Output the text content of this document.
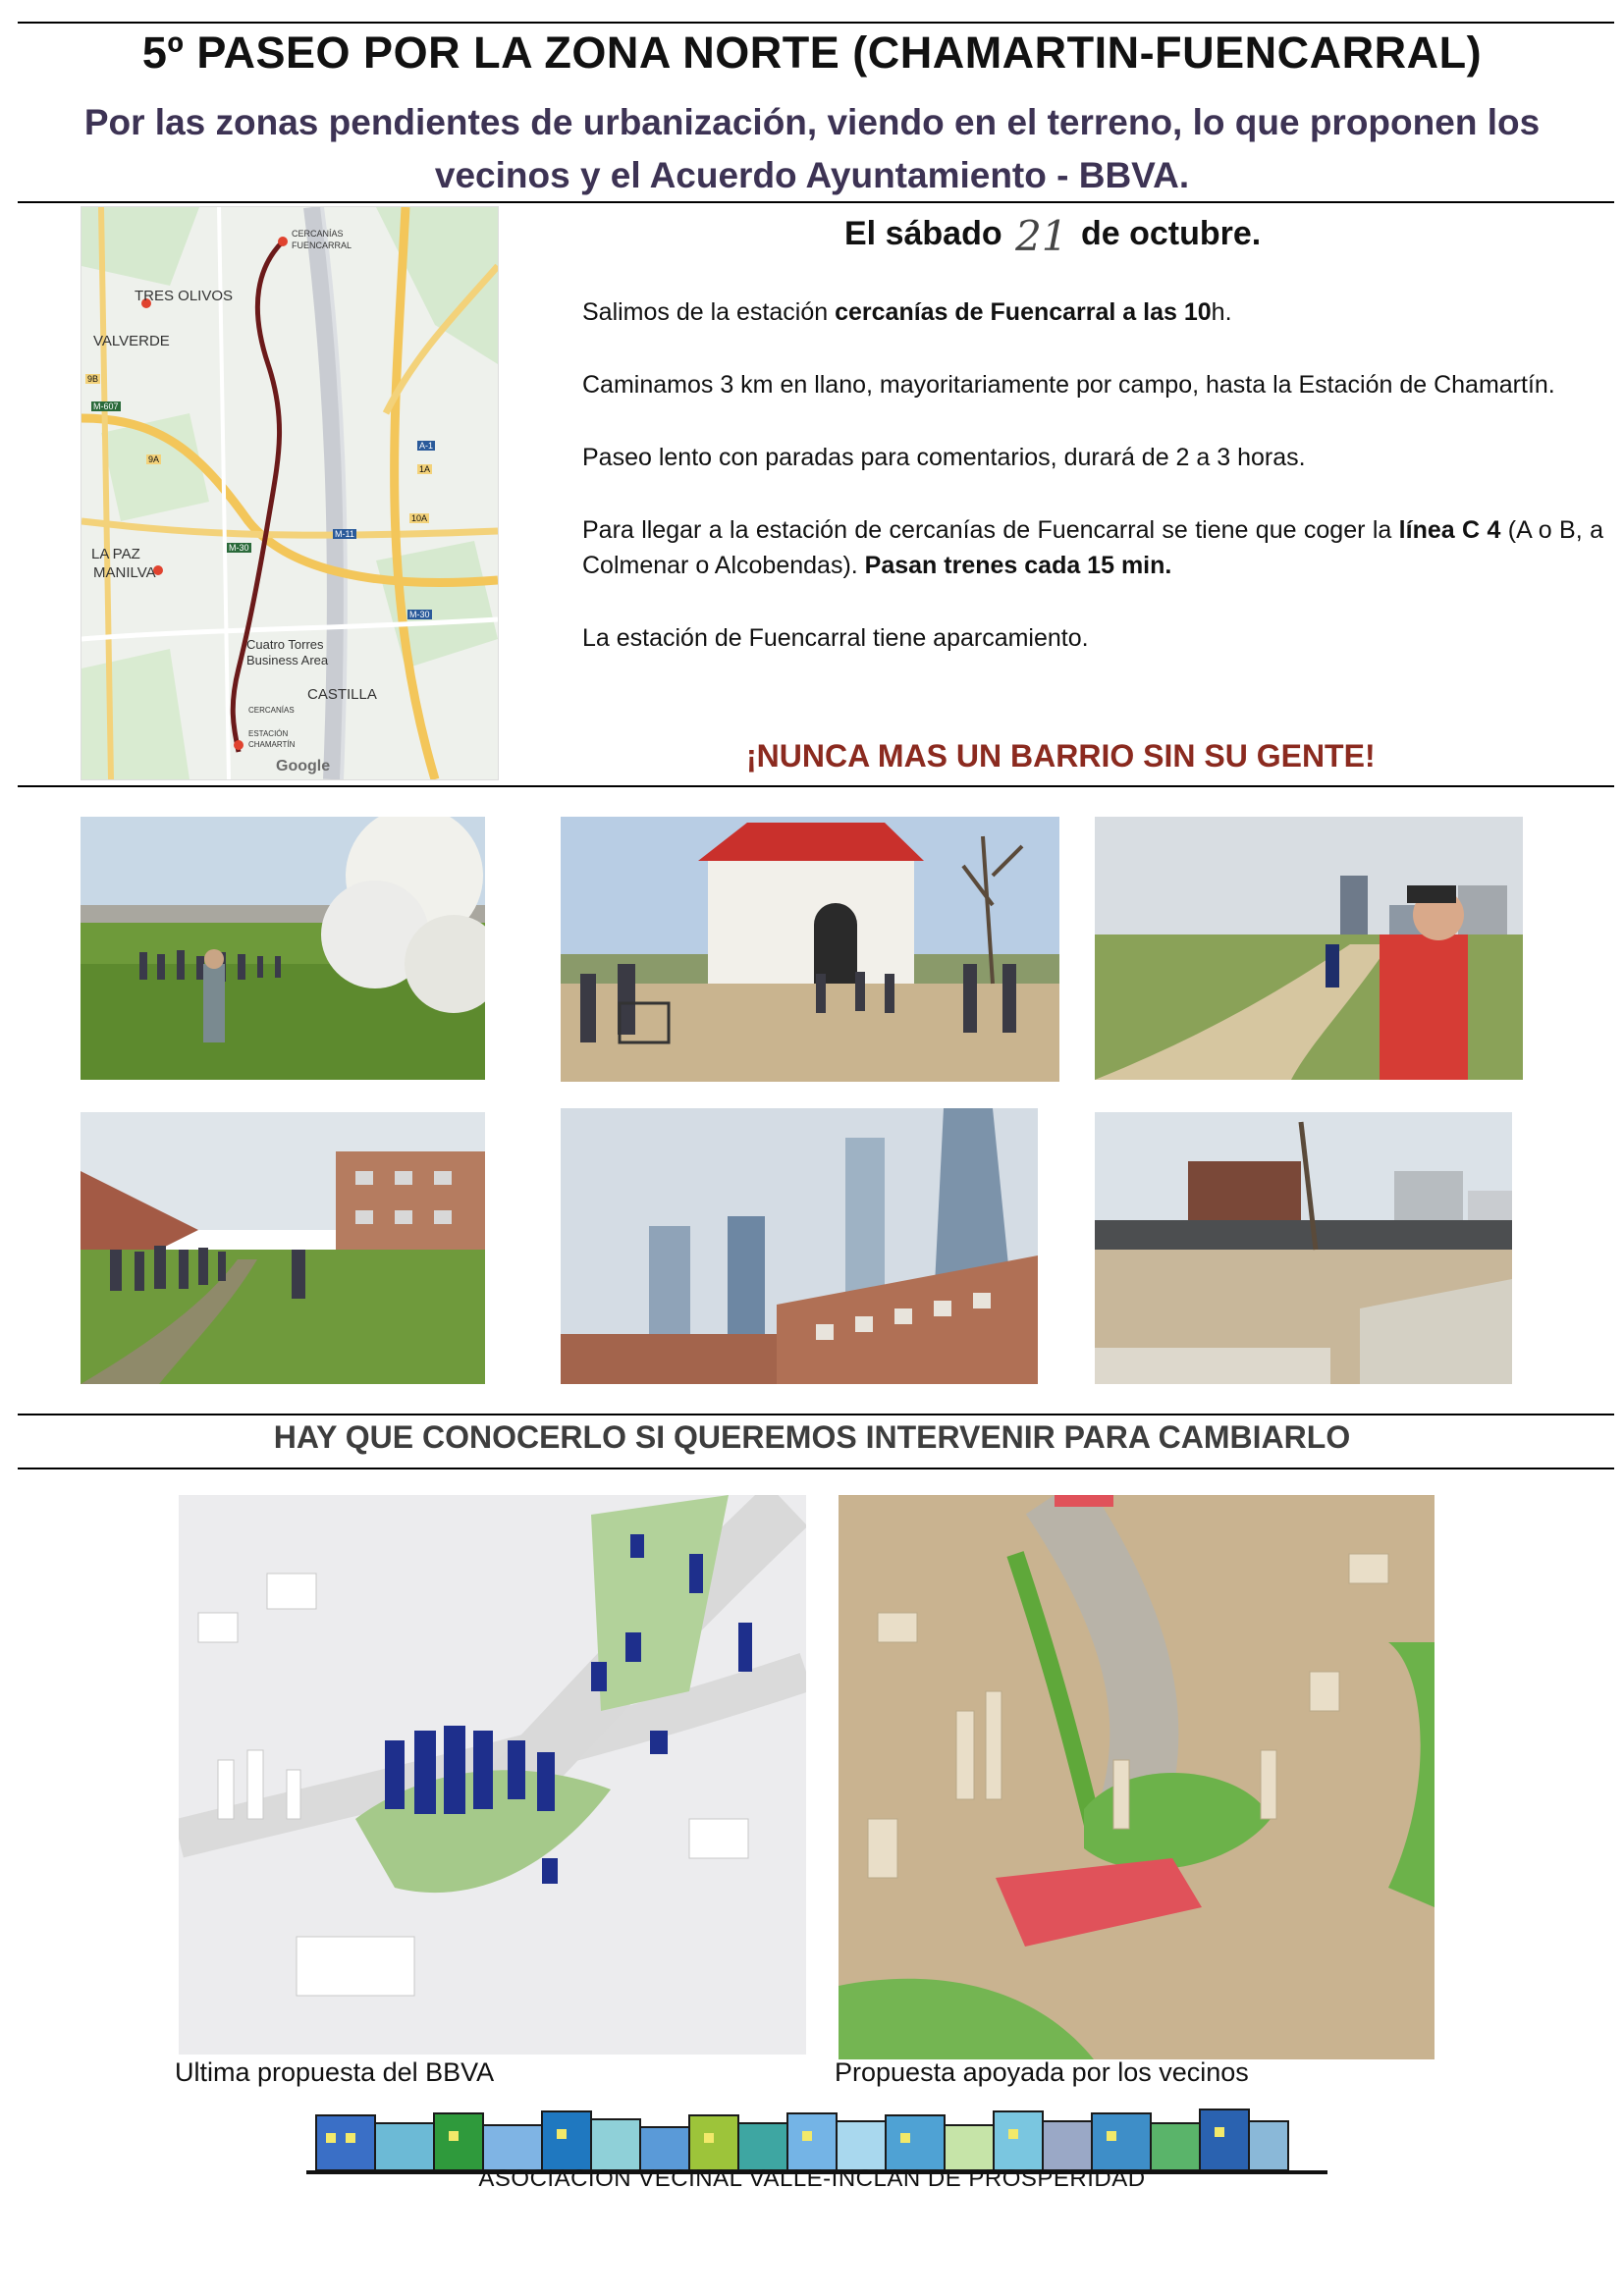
5º PASEO POR LA ZONA NORTE (CHAMARTIN-FUENCARRAL)
Por las zonas pendientes de urbanización, viendo en el terreno, lo que proponen los vecinos y el Acuerdo Ayuntamiento - BBVA.
TRES OLIVOS
VALVERDE
LA PAZ
MANILVA
Cuatro Torres
Business Area
CASTILLA
CERCANÍAS
FUENCARRAL
CERCANÍAS
ESTACIÓN
CHAMARTÍN
Google
M-607
M-30
M-11
A-1
M-30
9A
9B
10A
1A
El sábado 21 de octubre.

Salimos de la estación cercanías de Fuencarral a las 10h.

Caminamos 3 km en llano, mayoritariamente por campo, hasta la Estación de Chamartín.

Paseo lento con paradas para comentarios, durará de 2 a 3 horas.

Para llegar a la estación de cercanías de Fuencarral se tiene que coger la línea C 4 (A o B, a Colmenar o Alcobendas). Pasan trenes cada 15 min.

La estación de Fuencarral tiene aparcamiento.

¡NUNCA MAS UN BARRIO SIN SU GENTE!
HAY QUE CONOCERLO SI QUEREMOS INTERVENIR PARA CAMBIARLO
Ultima propuesta del BBVA	Propuesta apoyada por los vecinos
ASOCIACION VECINAL VALLE-INCLAN DE PROSPERIDAD
